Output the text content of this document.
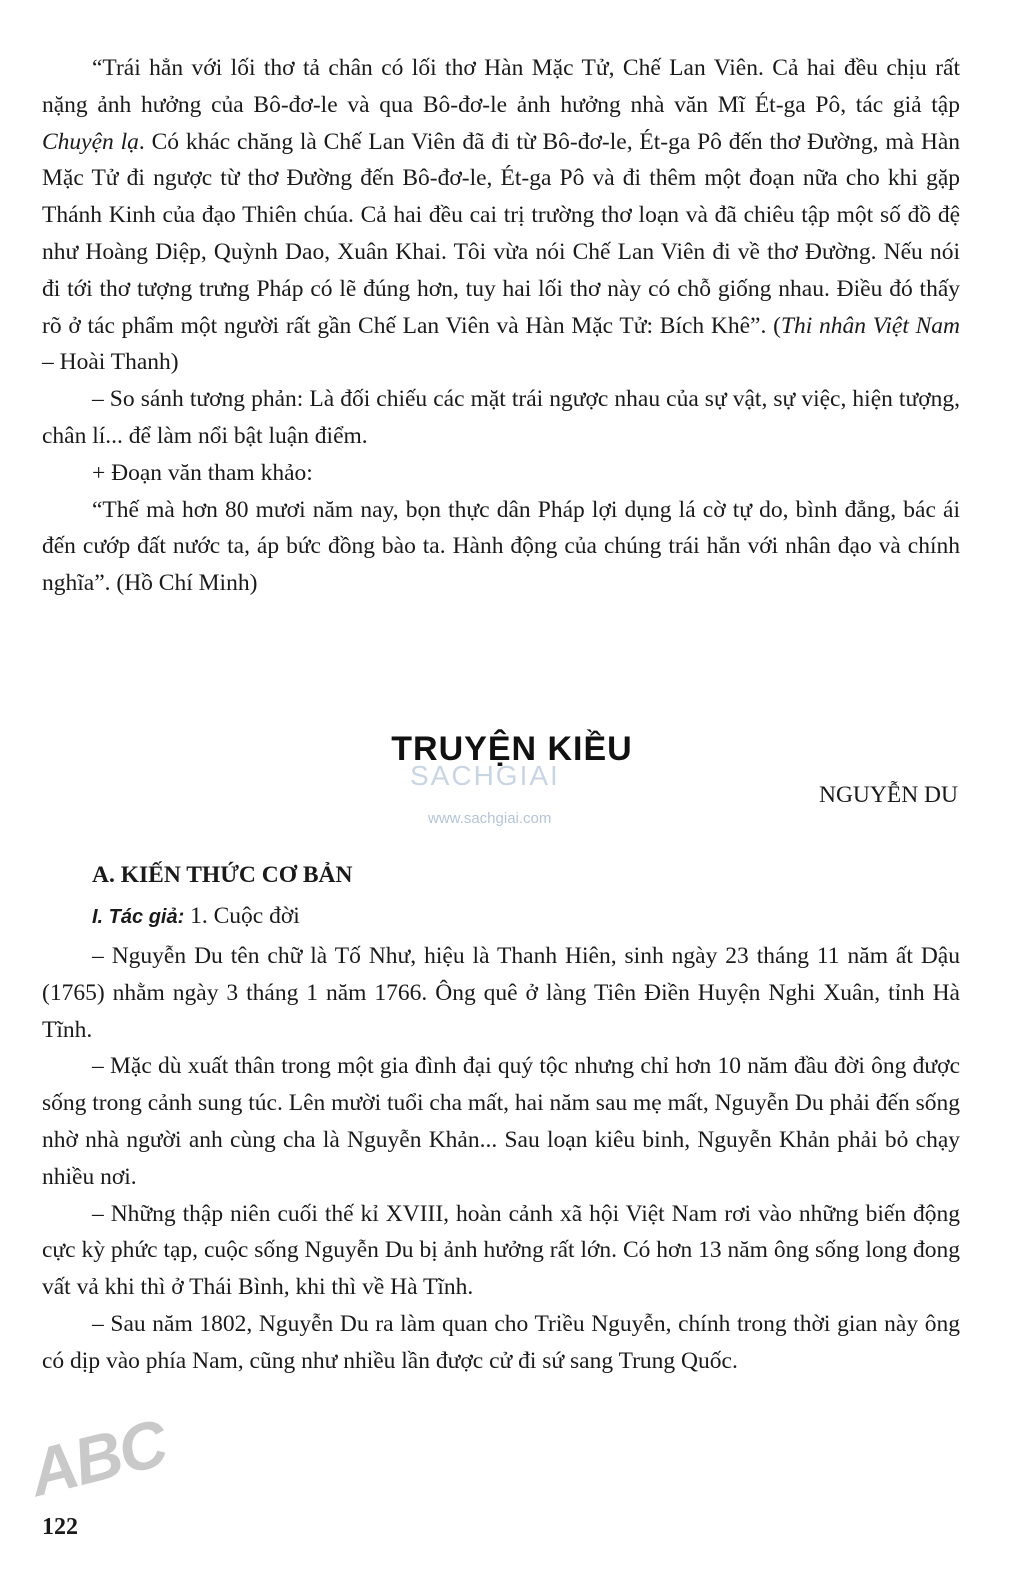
“Trái hẳn với lối thơ tả chân có lối thơ Hàn Mặc Tử, Chế Lan Viên. Cả hai đều chịu rất nặng ảnh hưởng của Bô-đơ-le và qua Bô-đơ-le ảnh hưởng nhà văn Mĩ Ét-ga Pô, tác giả tập Chuyện lạ. Có khác chăng là Chế Lan Viên đã đi từ Bô-đơ-le, Ét-ga Pô đến thơ Đường, mà Hàn Mặc Tử đi ngược từ thơ Đường đến Bô-đơ-le, Ét-ga Pô và đi thêm một đoạn nữa cho khi gặp Thánh Kinh của đạo Thiên chúa. Cả hai đều cai trị trường thơ loạn và đã chiêu tập một số đồ đệ như Hoàng Diệp, Quỳnh Dao, Xuân Khai. Tôi vừa nói Chế Lan Viên đi về thơ Đường. Nếu nói đi tới thơ tượng trưng Pháp có lẽ đúng hơn, tuy hai lối thơ này có chỗ giống nhau. Điều đó thấy rõ ở tác phẩm một người rất gần Chế Lan Viên và Hàn Mặc Tử: Bích Khê”. (Thi nhân Việt Nam – Hoài Thanh)

– So sánh tương phản: Là đối chiếu các mặt trái ngược nhau của sự vật, sự việc, hiện tượng, chân lí... để làm nổi bật luận điểm.

+ Đoạn văn tham khảo:

“Thế mà hơn 80 mươi năm nay, bọn thực dân Pháp lợi dụng lá cờ tự do, bình đẳng, bác ái đến cướp đất nước ta, áp bức đồng bào ta. Hành động của chúng trái hẳn với nhân đạo và chính nghĩa”. (Hồ Chí Minh)

TRUYỆN KIỀU
SACHGIAI
www.sachgiai.com
NGUYỄN DU
A. KIẾN THỨC CƠ BẢN
I. Tác giả: 1. Cuộc đời

– Nguyễn Du tên chữ là Tố Như, hiệu là Thanh Hiên, sinh ngày 23 tháng 11 năm ất Dậu (1765) nhằm ngày 3 tháng 1 năm 1766. Ông quê ở làng Tiên Điền Huyện Nghi Xuân, tỉnh Hà Tĩnh.

– Mặc dù xuất thân trong một gia đình đại quý tộc nhưng chỉ hơn 10 năm đầu đời ông được sống trong cảnh sung túc. Lên mười tuổi cha mất, hai năm sau mẹ mất, Nguyễn Du phải đến sống nhờ nhà người anh cùng cha là Nguyễn Khản... Sau loạn kiêu binh, Nguyễn Khản phải bỏ chạy nhiều nơi.

– Những thập niên cuối thế kỉ XVIII, hoàn cảnh xã hội Việt Nam rơi vào những biến động cực kỳ phức tạp, cuộc sống Nguyễn Du bị ảnh hưởng rất lớn. Có hơn 13 năm ông sống long đong vất vả khi thì ở Thái Bình, khi thì về Hà Tĩnh.

– Sau năm 1802, Nguyễn Du ra làm quan cho Triều Nguyễn, chính trong thời gian này ông có dịp vào phía Nam, cũng như nhiều lần được cử đi sứ sang Trung Quốc.

ABC
122
